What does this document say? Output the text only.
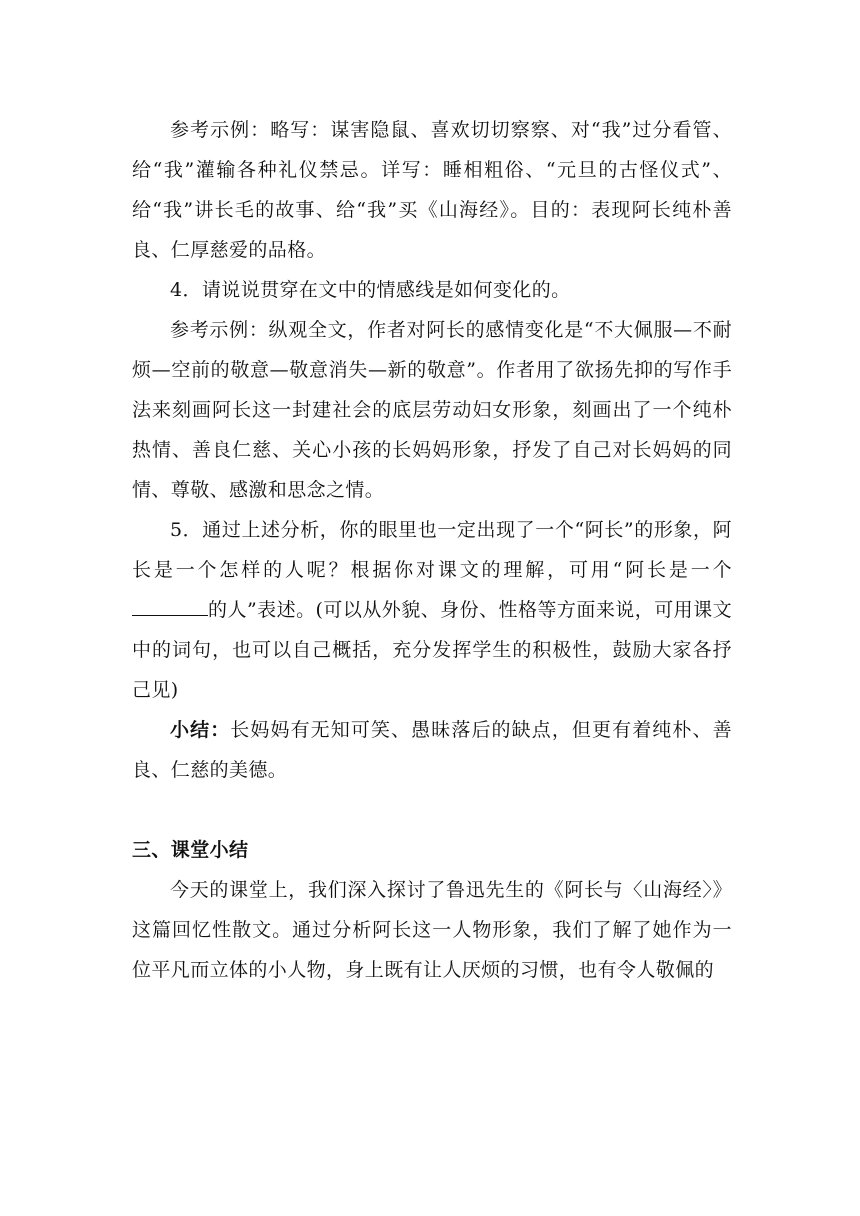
参考示例：略写：谋害隐鼠、喜欢切切察察、对“我”过分看管、给“我”灌输各种礼仪禁忌。详写：睡相粗俗、“元旦的古怪仪式”、给“我”讲长毛的故事、给“我”买《山海经》。目的：表现阿长纯朴善良、仁厚慈爱的品格。

4．请说说贯穿在文中的情感线是如何变化的。

参考示例：纵观全文，作者对阿长的感情变化是“不大佩服—不耐烦—空前的敬意—敬意消失—新的敬意”。作者用了欲扬先抑的写作手法来刻画阿长这一封建社会的底层劳动妇女形象，刻画出了一个纯朴热情、善良仁慈、关心小孩的长妈妈形象，抒发了自己对长妈妈的同情、尊敬、感激和思念之情。

5．通过上述分析，你的眼里也一定出现了一个“阿长”的形象，阿长是一个怎样的人呢？根据你对课文的理解，可用“阿长是一个的人”表述。(可以从外貌、身份、性格等方面来说，可用课文中的词句，也可以自己概括，充分发挥学生的积极性，鼓励大家各抒己见)

小结：长妈妈有无知可笑、愚昧落后的缺点，但更有着纯朴、善良、仁慈的美德。

三、课堂小结

今天的课堂上，我们深入探讨了鲁迅先生的《阿长与〈山海经〉》这篇回忆性散文。通过分析阿长这一人物形象，我们了解了她作为一位平凡而立体的小人物，身上既有让人厌烦的习惯，也有令人敬佩的
